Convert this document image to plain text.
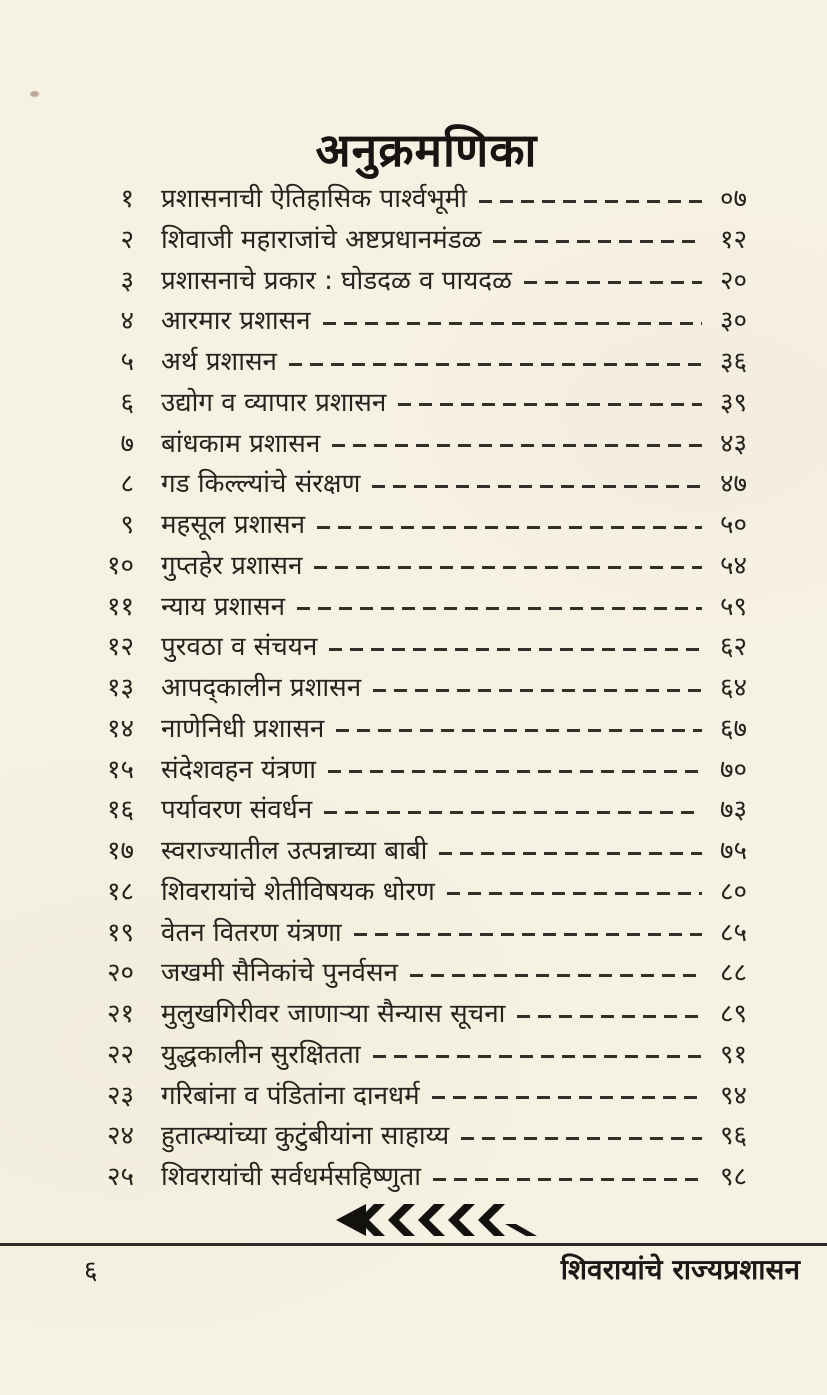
अनुक्रमणिका
१ प्रशासनाची ऐतिहासिक पार्श्वभूमी	०७
२ शिवाजी महाराजांचे अष्टप्रधानमंडळ	१२
३ प्रशासनाचे प्रकार : घोडदळ व पायदळ	२०
४ आरमार प्रशासन	३०
५ अर्थ प्रशासन	३६
६ उद्योग व व्यापार प्रशासन	३९
७ बांधकाम प्रशासन	४३
८ गड किल्ल्यांचे संरक्षण	४७
९ महसूल प्रशासन	५०
१० गुप्तहेर प्रशासन	५४
११ न्याय प्रशासन	५९
१२ पुरवठा व संचयन	६२
१३ आपद्कालीन प्रशासन	६४
१४ नाणेनिधी प्रशासन	६७
१५ संदेशवहन यंत्रणा	७०
१६ पर्यावरण संवर्धन	७३
१७ स्वराज्यातील उत्पन्नाच्या बाबी	७५
१८ शिवरायांचे शेतीविषयक धोरण	८०
१९ वेतन वितरण यंत्रणा	८५
२० जखमी सैनिकांचे पुनर्वसन	८८
२१ मुलुखगिरीवर जाणाऱ्या सैन्यास सूचना	८९
२२ युद्धकालीन सुरक्षितता	९१
२३ गरिबांना व पंडितांना दानधर्म	९४
२४ हुतात्म्यांच्या कुटुंबीयांना साहाय्य	९६
२५ शिवरायांची सर्वधर्मसहिष्णुता	९८
६	शिवरायांचे राज्यप्रशासन
